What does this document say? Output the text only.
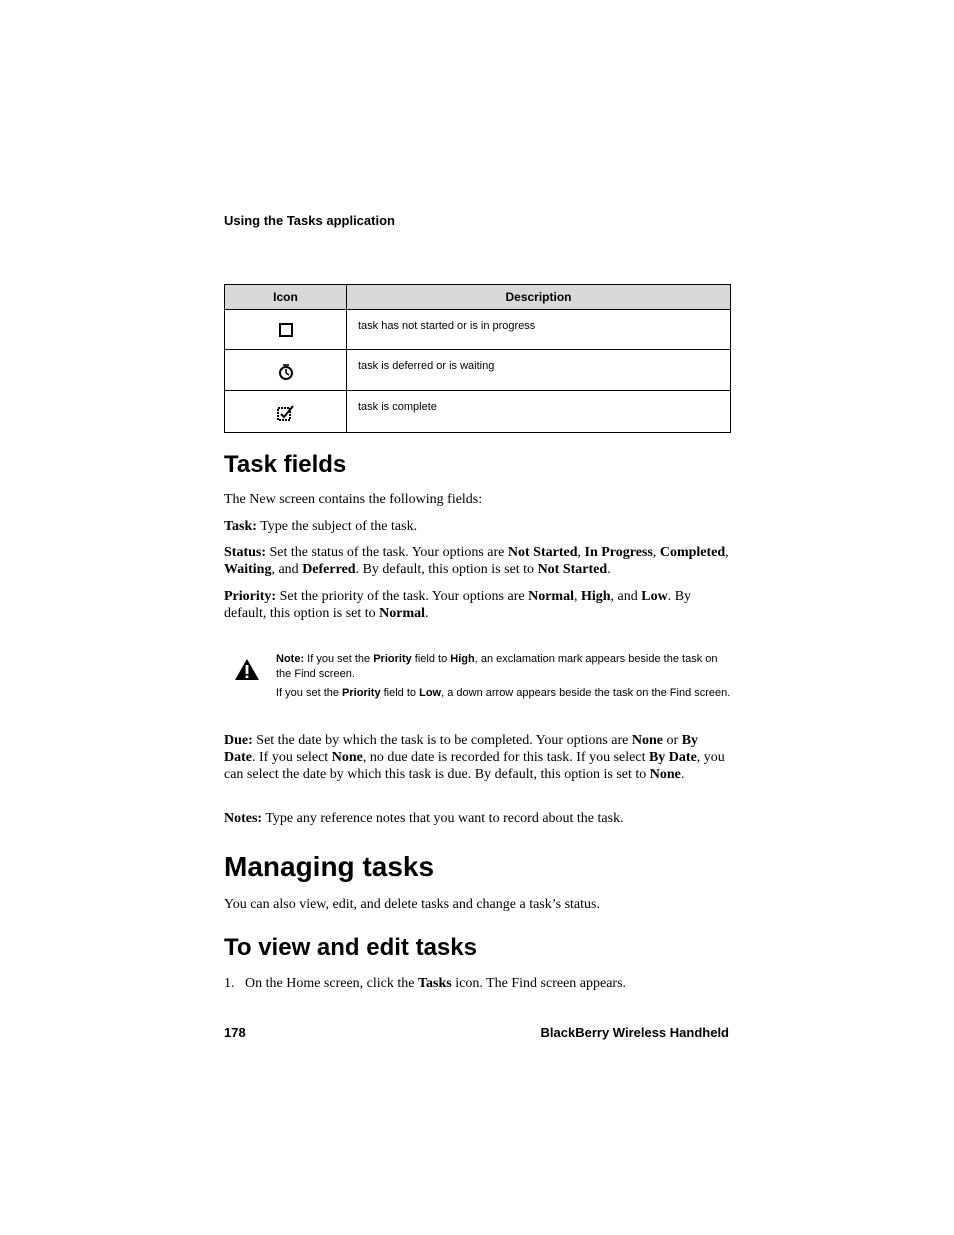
Using the Tasks application
Icon	Description

task has not started or is in progress

task is deferred or is waiting

task is complete
Task fields

The New screen contains the following fields:

Task: Type the subject of the task.

Status: Set the status of the task. Your options are Not Started, In Progress, Completed, Waiting, and Deferred. By default, this option is set to Not Started.

Priority: Set the priority of the task. Your options are Normal, High, and Low. By default, this option is set to Normal.

Note: If you set the Priority field to High, an exclamation mark appears beside the task on the Find screen.

If you set the Priority field to Low, a down arrow appears beside the task on the Find screen.

Due: Set the date by which the task is to be completed. Your options are None or By Date. If you select None, no due date is recorded for this task. If you select By Date, you can select the date by which this task is due. By default, this option is set to None.

Notes: Type any reference notes that you want to record about the task.

Managing tasks

You can also view, edit, and delete tasks and change a task’s status.

To view and edit tasks

1. On the Home screen, click the Tasks icon. The Find screen appears.

178	BlackBerry Wireless Handheld
